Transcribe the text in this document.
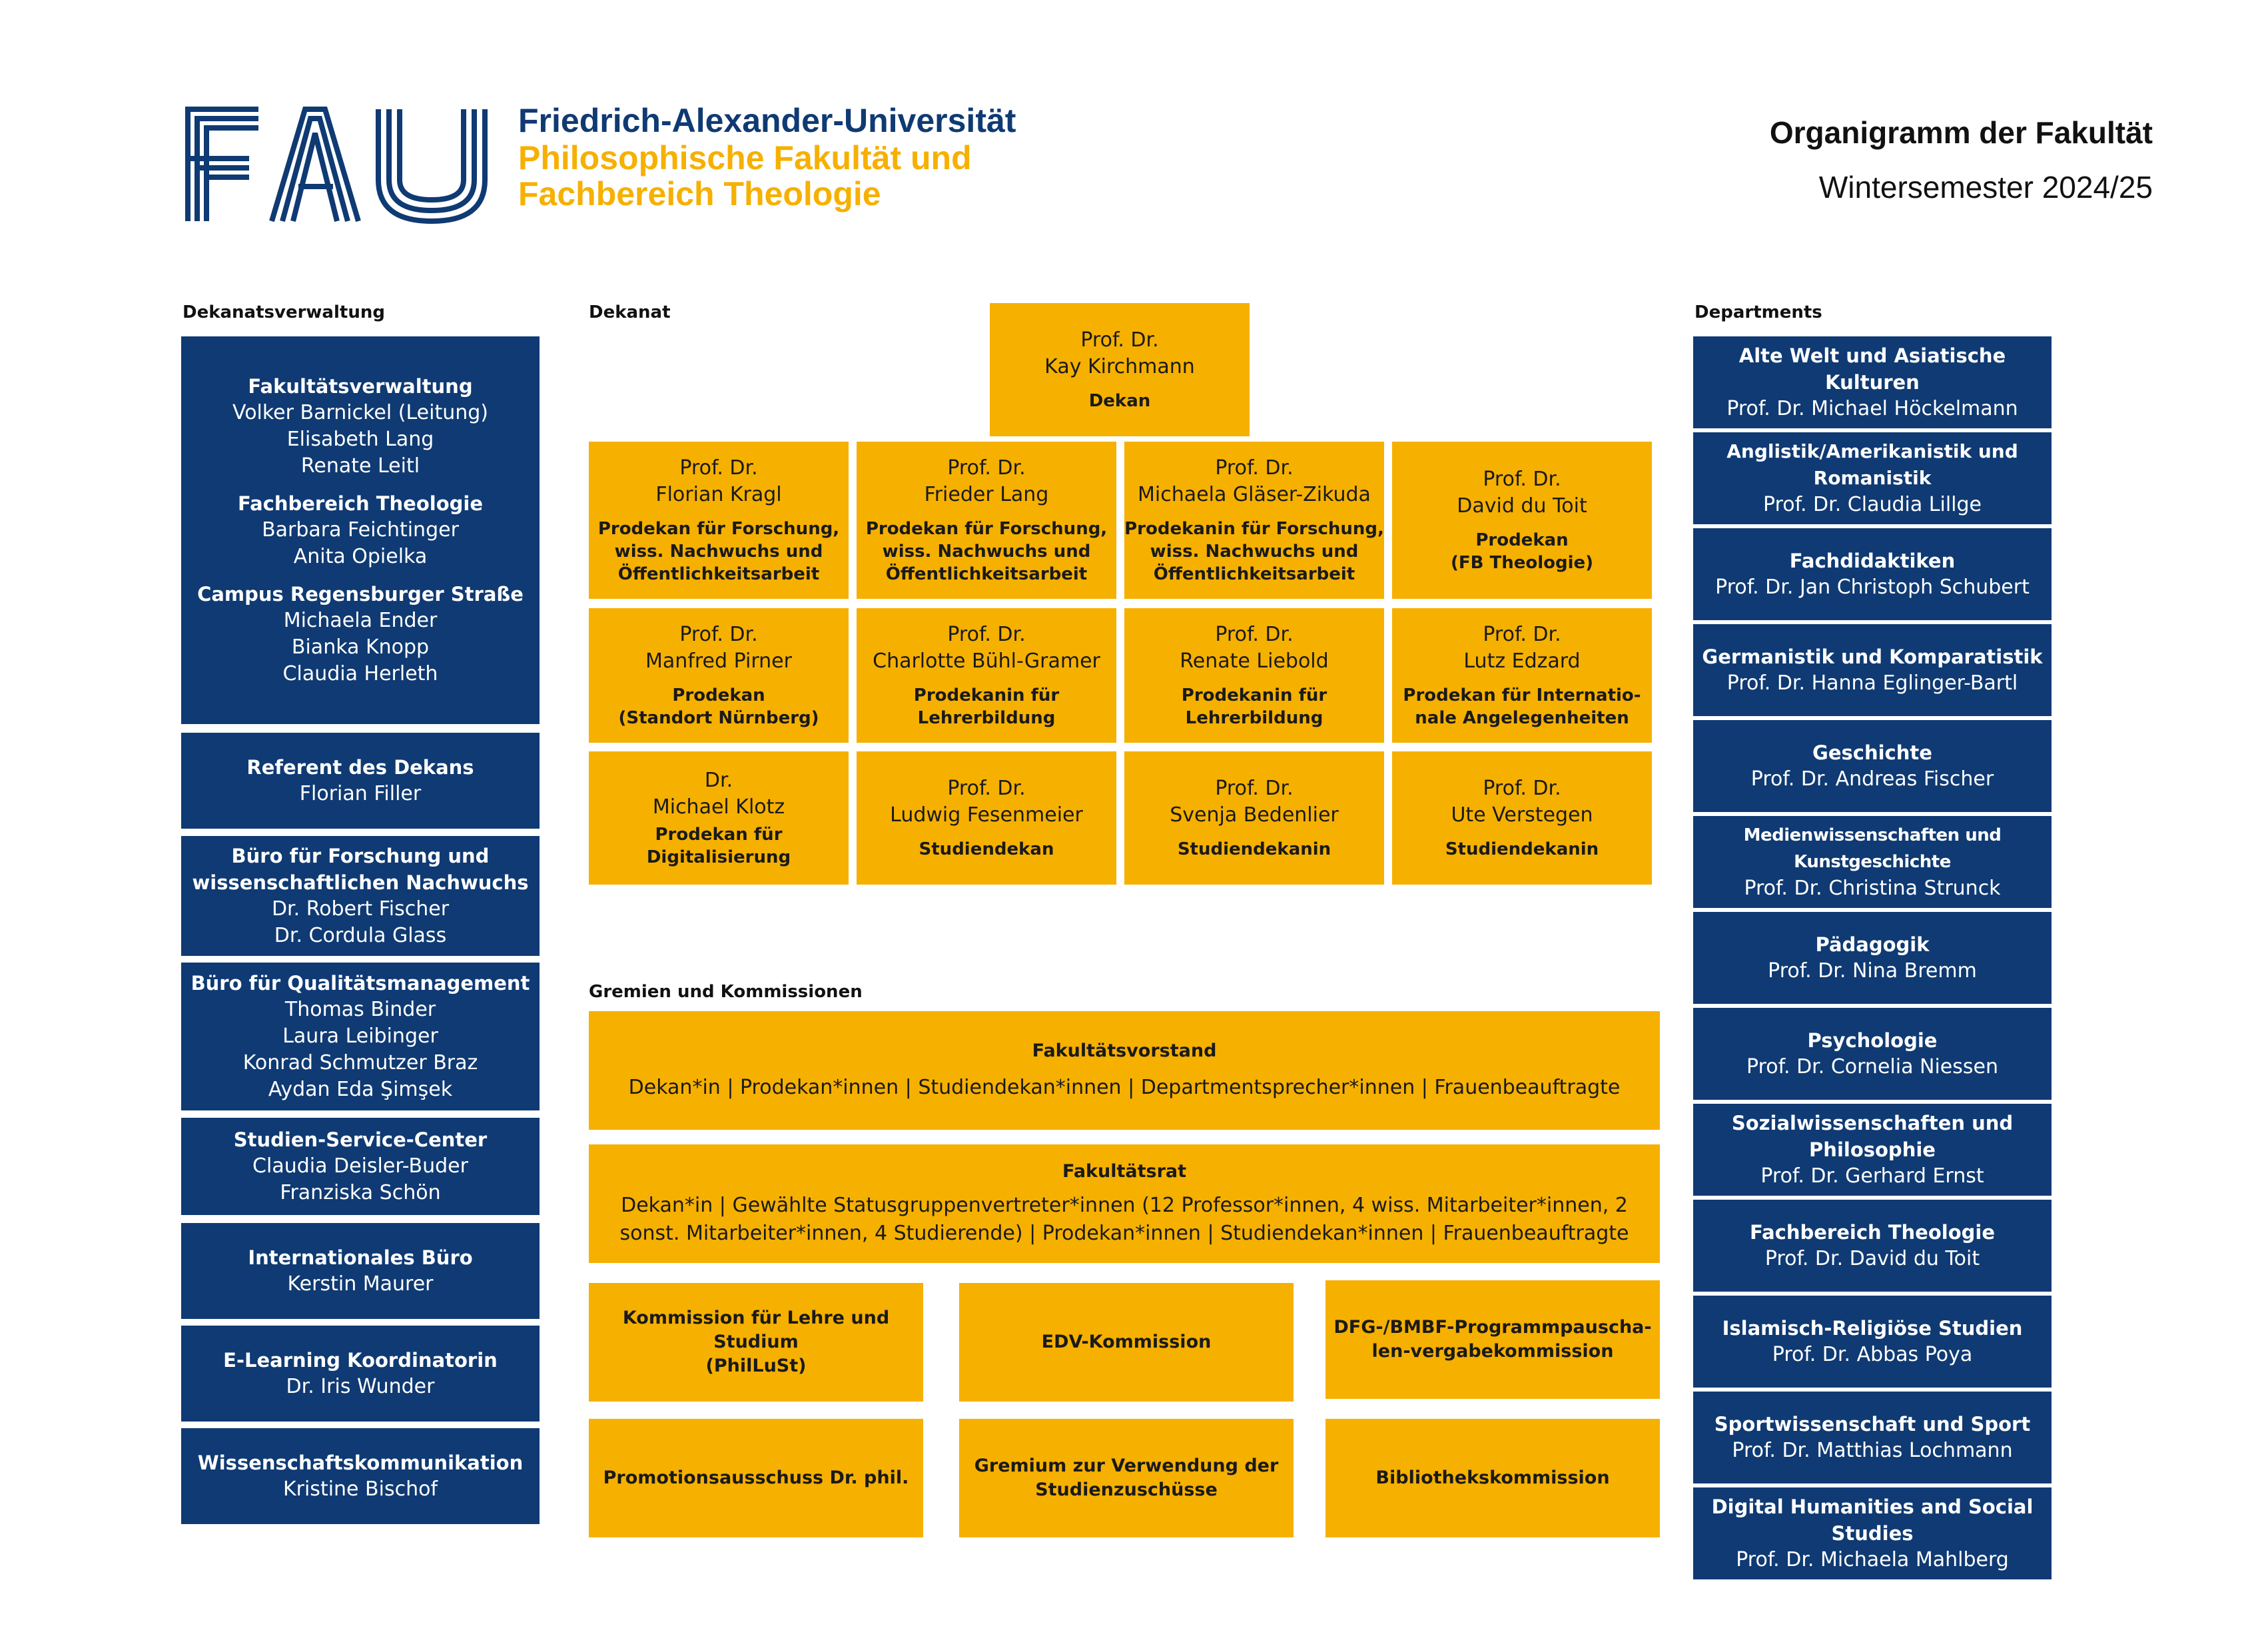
Friedrich-Alexander-Universität
Philosophische Fakultät und
Fachbereich Theologie
Organigramm der Fakultät
Wintersemester 2024/25
Dekanatsverwaltung
Fakultätsverwaltung
Volker Barnickel (Leitung)
Elisabeth Lang
Renate Leitl
Fachbereich Theologie
Barbara Feichtinger
Anita Opielka
Campus Regensburger Straße
Michaela Ender
Bianka Knopp
Claudia Herleth
Referent des Dekans
Florian Filler
Büro für Forschung und
wissenschaftlichen Nachwuchs
Dr. Robert Fischer
Dr. Cordula Glass
Büro für Qualitätsmanagement
Thomas Binder
Laura Leibinger
Konrad Schmutzer Braz
Aydan Eda Şimşek
Studien-Service-Center
Claudia Deisler-Buder
Franziska Schön
Internationales Büro
Kerstin Maurer
E-Learning Koordinatorin
Dr. Iris Wunder
Wissenschaftskommunikation
Kristine Bischof
Dekanat
Prof. Dr.
Kay Kirchmann
Dekan
Prof. Dr.
Florian Kragl
Prodekan für Forschung,
wiss. Nachwuchs und
Öffentlichkeitsarbeit
Prof. Dr.
Frieder Lang
Prodekan für Forschung,
wiss. Nachwuchs und
Öffentlichkeitsarbeit
Prof. Dr.
Michaela Gläser-Zikuda
Prodekanin für Forschung,
wiss. Nachwuchs und
Öffentlichkeitsarbeit
Prof. Dr.
David du Toit
Prodekan
(FB Theologie)
Prof. Dr.
Manfred Pirner
Prodekan
(Standort Nürnberg)
Prof. Dr.
Charlotte Bühl-Gramer
Prodekanin für
Lehrerbildung
Prof. Dr.
Renate Liebold
Prodekanin für
Lehrerbildung
Prof. Dr.
Lutz Edzard
Prodekan für Internatio-
nale Angelegenheiten
Dr.
Michael Klotz
Prodekan für
Digitalisierung
Prof. Dr.
Ludwig Fesenmeier
Studiendekan
Prof. Dr.
Svenja Bedenlier
Studiendekanin
Prof. Dr.
Ute Verstegen
Studiendekanin
Gremien und Kommissionen
Fakultätsvorstand
Dekan*in | Prodekan*innen | Studiendekan*innen | Departmentsprecher*innen | Frauenbeauftragte
Fakultätsrat
Dekan*in | Gewählte Statusgruppenvertreter*innen (12 Professor*innen, 4 wiss. Mitarbeiter*innen, 2
sonst. Mitarbeiter*innen, 4 Studierende) | Prodekan*innen | Studiendekan*innen | Frauenbeauftragte
Kommission für Lehre und
Studium
(PhilLuSt)
EDV-Kommission
DFG-/BMBF-Programmpauscha-
len-vergabekommission
Promotionsausschuss Dr. phil.
Gremium zur Verwendung der
Studienzuschüsse
Bibliothekskommission
Departments
Alte Welt und Asiatische Kulturen
Prof. Dr. Michael Höckelmann
Anglistik/Amerikanistik und Romanistik
Prof. Dr. Claudia Lillge
Fachdidaktiken
Prof. Dr. Jan Christoph Schubert
Germanistik und Komparatistik
Prof. Dr. Hanna Eglinger-Bartl
Geschichte
Prof. Dr. Andreas Fischer
Medienwissenschaften und Kunstgeschichte
Prof. Dr. Christina Strunck
Pädagogik
Prof. Dr. Nina Bremm
Psychologie
Prof. Dr. Cornelia Niessen
Sozialwissenschaften und Philosophie
Prof. Dr. Gerhard Ernst
Fachbereich Theologie
Prof. Dr. David du Toit
Islamisch-Religiöse Studien
Prof. Dr. Abbas Poya
Sportwissenschaft und Sport
Prof. Dr. Matthias Lochmann
Digital Humanities and Social Studies
Prof. Dr. Michaela Mahlberg
